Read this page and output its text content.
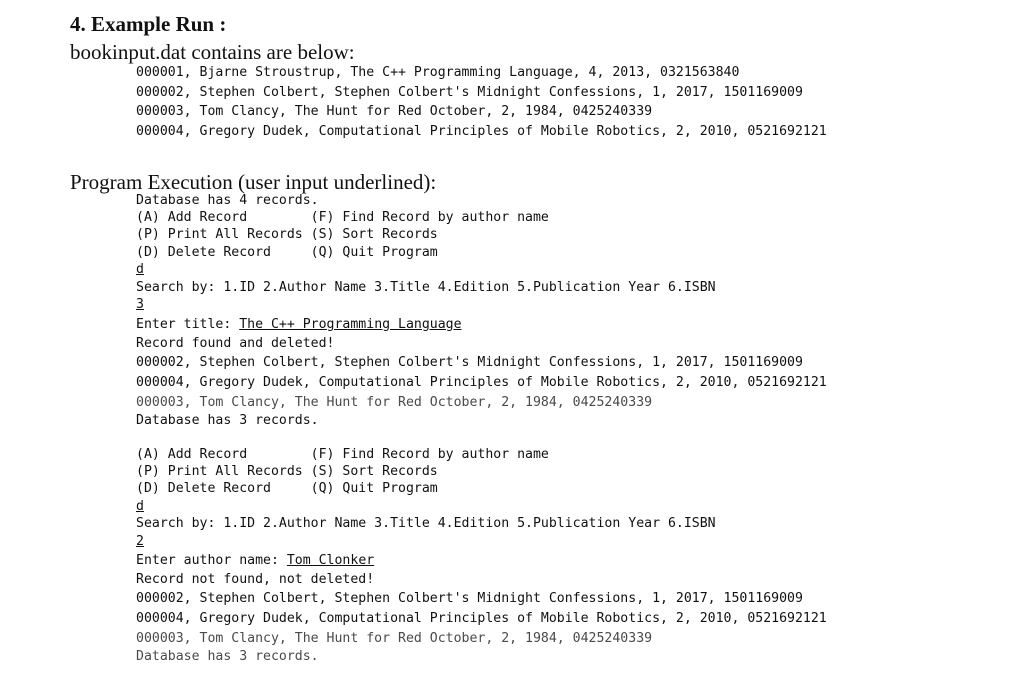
4. Example Run :
bookinput.dat contains are below:
000001, Bjarne Stroustrup, The C++ Programming Language, 4, 2013, 0321563840
000002, Stephen Colbert, Stephen Colbert's Midnight Confessions, 1, 2017, 1501169009
000003, Tom Clancy, The Hunt for Red October, 2, 1984, 0425240339
000004, Gregory Dudek, Computational Principles of Mobile Robotics, 2, 2010, 0521692121
Program Execution (user input underlined):
Database has 4 records.
(A) Add Record        (F) Find Record by author name
(P) Print All Records (S) Sort Records
(D) Delete Record     (Q) Quit Program
d
Search by: 1.ID 2.Author Name 3.Title 4.Edition 5.Publication Year 6.ISBN
3
Enter title: The C++ Programming Language
Record found and deleted!
000002, Stephen Colbert, Stephen Colbert's Midnight Confessions, 1, 2017, 1501169009
000004, Gregory Dudek, Computational Principles of Mobile Robotics, 2, 2010, 0521692121
000003, Tom Clancy, The Hunt for Red October, 2, 1984, 0425240339
Database has 3 records.
(A) Add Record        (F) Find Record by author name
(P) Print All Records (S) Sort Records
(D) Delete Record     (Q) Quit Program
d
Search by: 1.ID 2.Author Name 3.Title 4.Edition 5.Publication Year 6.ISBN
2
Enter author name: Tom Clonker
Record not found, not deleted!
000002, Stephen Colbert, Stephen Colbert's Midnight Confessions, 1, 2017, 1501169009
000004, Gregory Dudek, Computational Principles of Mobile Robotics, 2, 2010, 0521692121
000003, Tom Clancy, The Hunt for Red October, 2, 1984, 0425240339
Database has 3 records.
